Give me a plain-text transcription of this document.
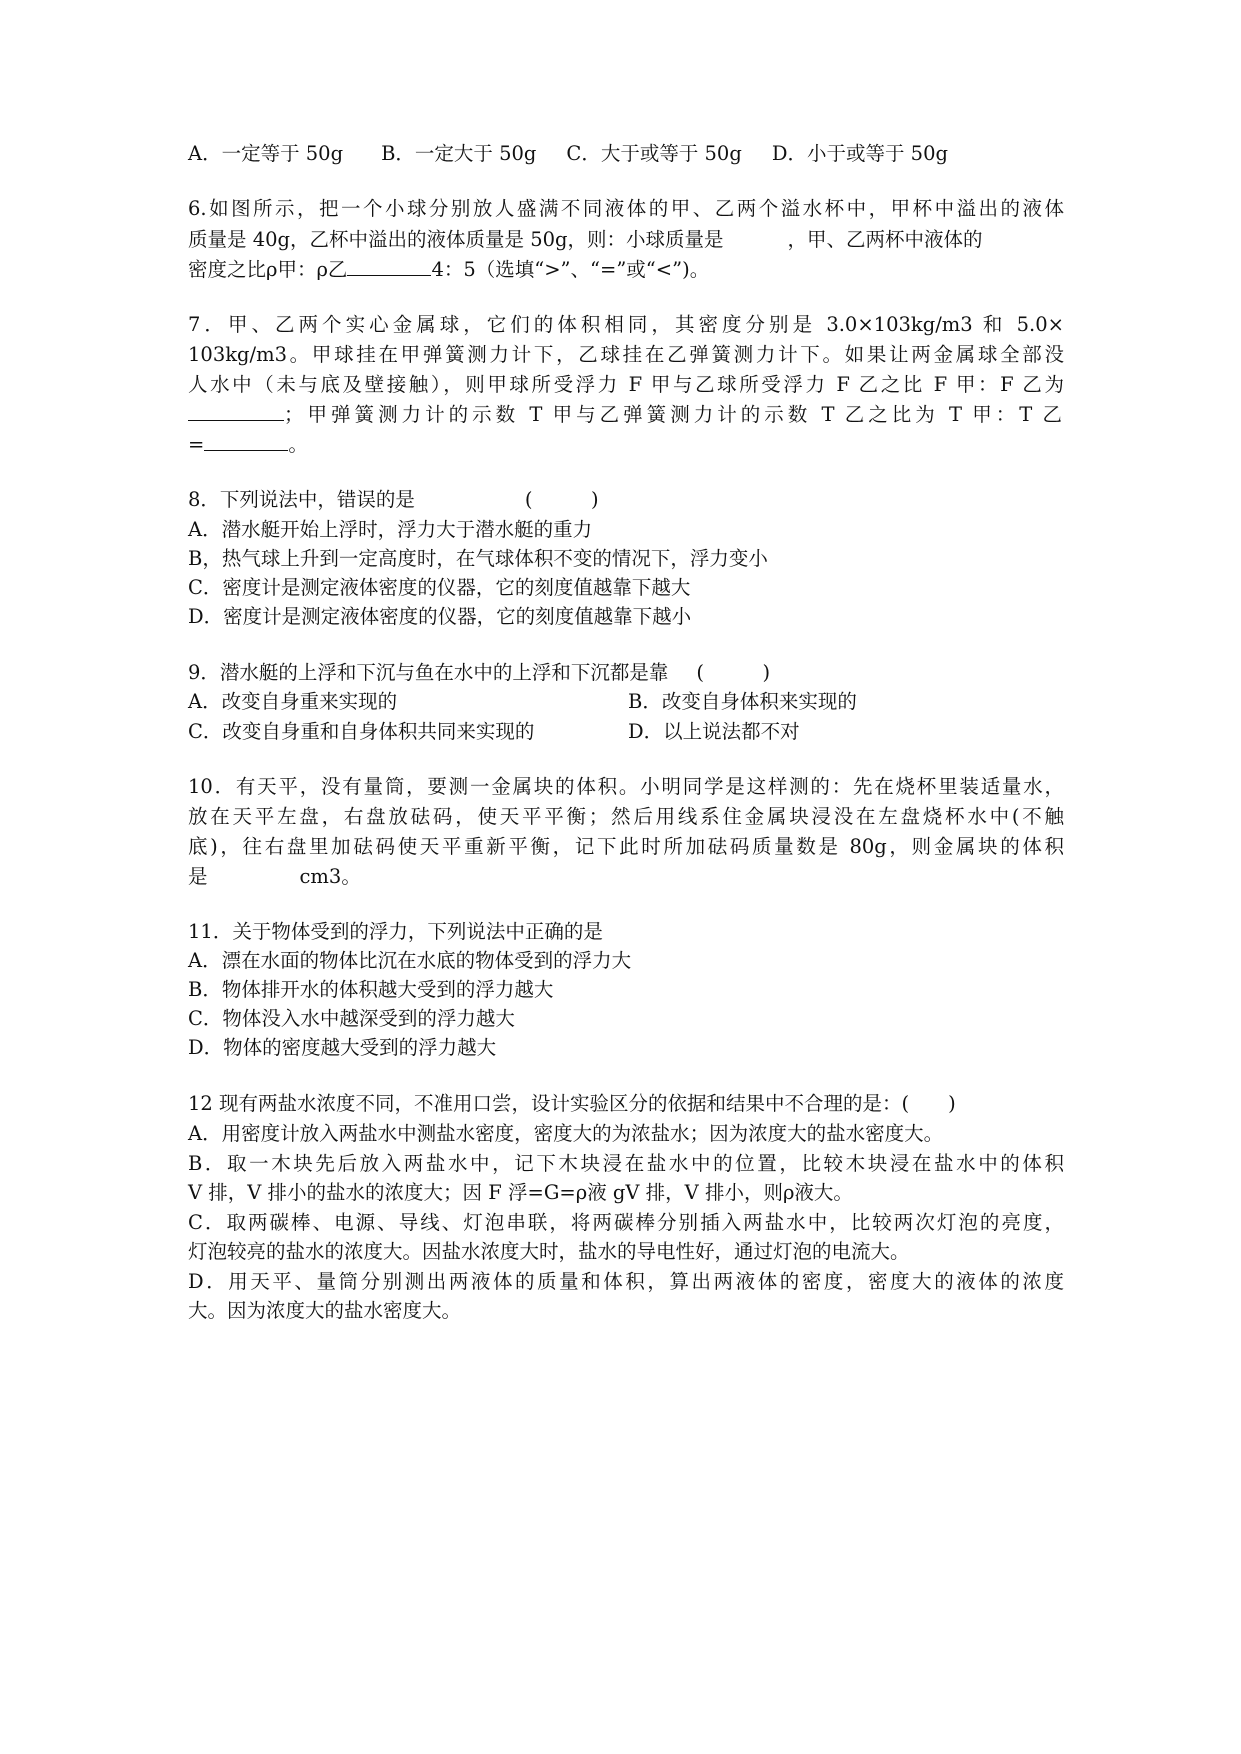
A．一定等于 50g B．一定大于 50g C．大于或等于 50g D．小于或等于 50g
6.如图所示，把一个小球分别放人盛满不同液体的甲、乙两个溢水杯中，甲杯中溢出的液体
质量是 40g，乙杯中溢出的液体质量是 50g，则：小球质量是	，甲、乙两杯中液体的
密度之比ρ甲：ρ乙	4：5（选填“>”、“=”或“<”)。
7．甲、乙两个实心金属球，它们的体积相同，其密度分别是 3.0×103kg/m3 和 5.0×
103kg/m3。甲球挂在甲弹簧测力计下，乙球挂在乙弹簧测力计下。如果让两金属球全部没
人水中（未与底及壁接触），则甲球所受浮力 F 甲与乙球所受浮力 F 乙之比 F 甲：F 乙为
；甲弹簧测力计的示数 T 甲与乙弹簧测力计的示数 T 乙之比为 T 甲：T 乙
=	。
8．下列说法中，错误的是	(　　　)
A．潜水艇开始上浮时，浮力大于潜水艇的重力
B，热气球上升到一定高度时，在气球体积不变的情况下，浮力变小
C．密度计是测定液体密度的仪器，它的刻度值越靠下越大
D．密度计是测定液体密度的仪器，它的刻度值越靠下越小
9．潜水艇的上浮和下沉与鱼在水中的上浮和下沉都是靠 (　　　)
A．改变自身重来实现的	B．改变自身体积来实现的
C．改变自身重和自身体积共同来实现的	D．以上说法都不对
10．有天平，没有量筒，要测一金属块的体积。小明同学是这样测的：先在烧杯里装适量水，
放在天平左盘，右盘放砝码，使天平平衡；然后用线系住金属块浸没在左盘烧杯水中(不触
底)，往右盘里加砝码使天平重新平衡，记下此时所加砝码质量数是 80g，则金属块的体积
是	cm3。
11．关于物体受到的浮力，下列说法中正确的是
A．漂在水面的物体比沉在水底的物体受到的浮力大
B．物体排开水的体积越大受到的浮力越大
C．物体没入水中越深受到的浮力越大
D．物体的密度越大受到的浮力越大
12 现有两盐水浓度不同，不准用口尝，设计实验区分的依据和结果中不合理的是：(　　)
A．用密度计放入两盐水中测盐水密度，密度大的为浓盐水；因为浓度大的盐水密度大。
B．取一木块先后放入两盐水中，记下木块浸在盐水中的位置，比较木块浸在盐水中的体积
V 排，V 排小的盐水的浓度大；因 F 浮=G=ρ液 gV 排，V 排小，则ρ液大。
C．取两碳棒、电源、导线、灯泡串联，将两碳棒分别插入两盐水中，比较两次灯泡的亮度，
灯泡较亮的盐水的浓度大。因盐水浓度大时，盐水的导电性好，通过灯泡的电流大。
D．用天平、量筒分别测出两液体的质量和体积，算出两液体的密度，密度大的液体的浓度
大。因为浓度大的盐水密度大。
